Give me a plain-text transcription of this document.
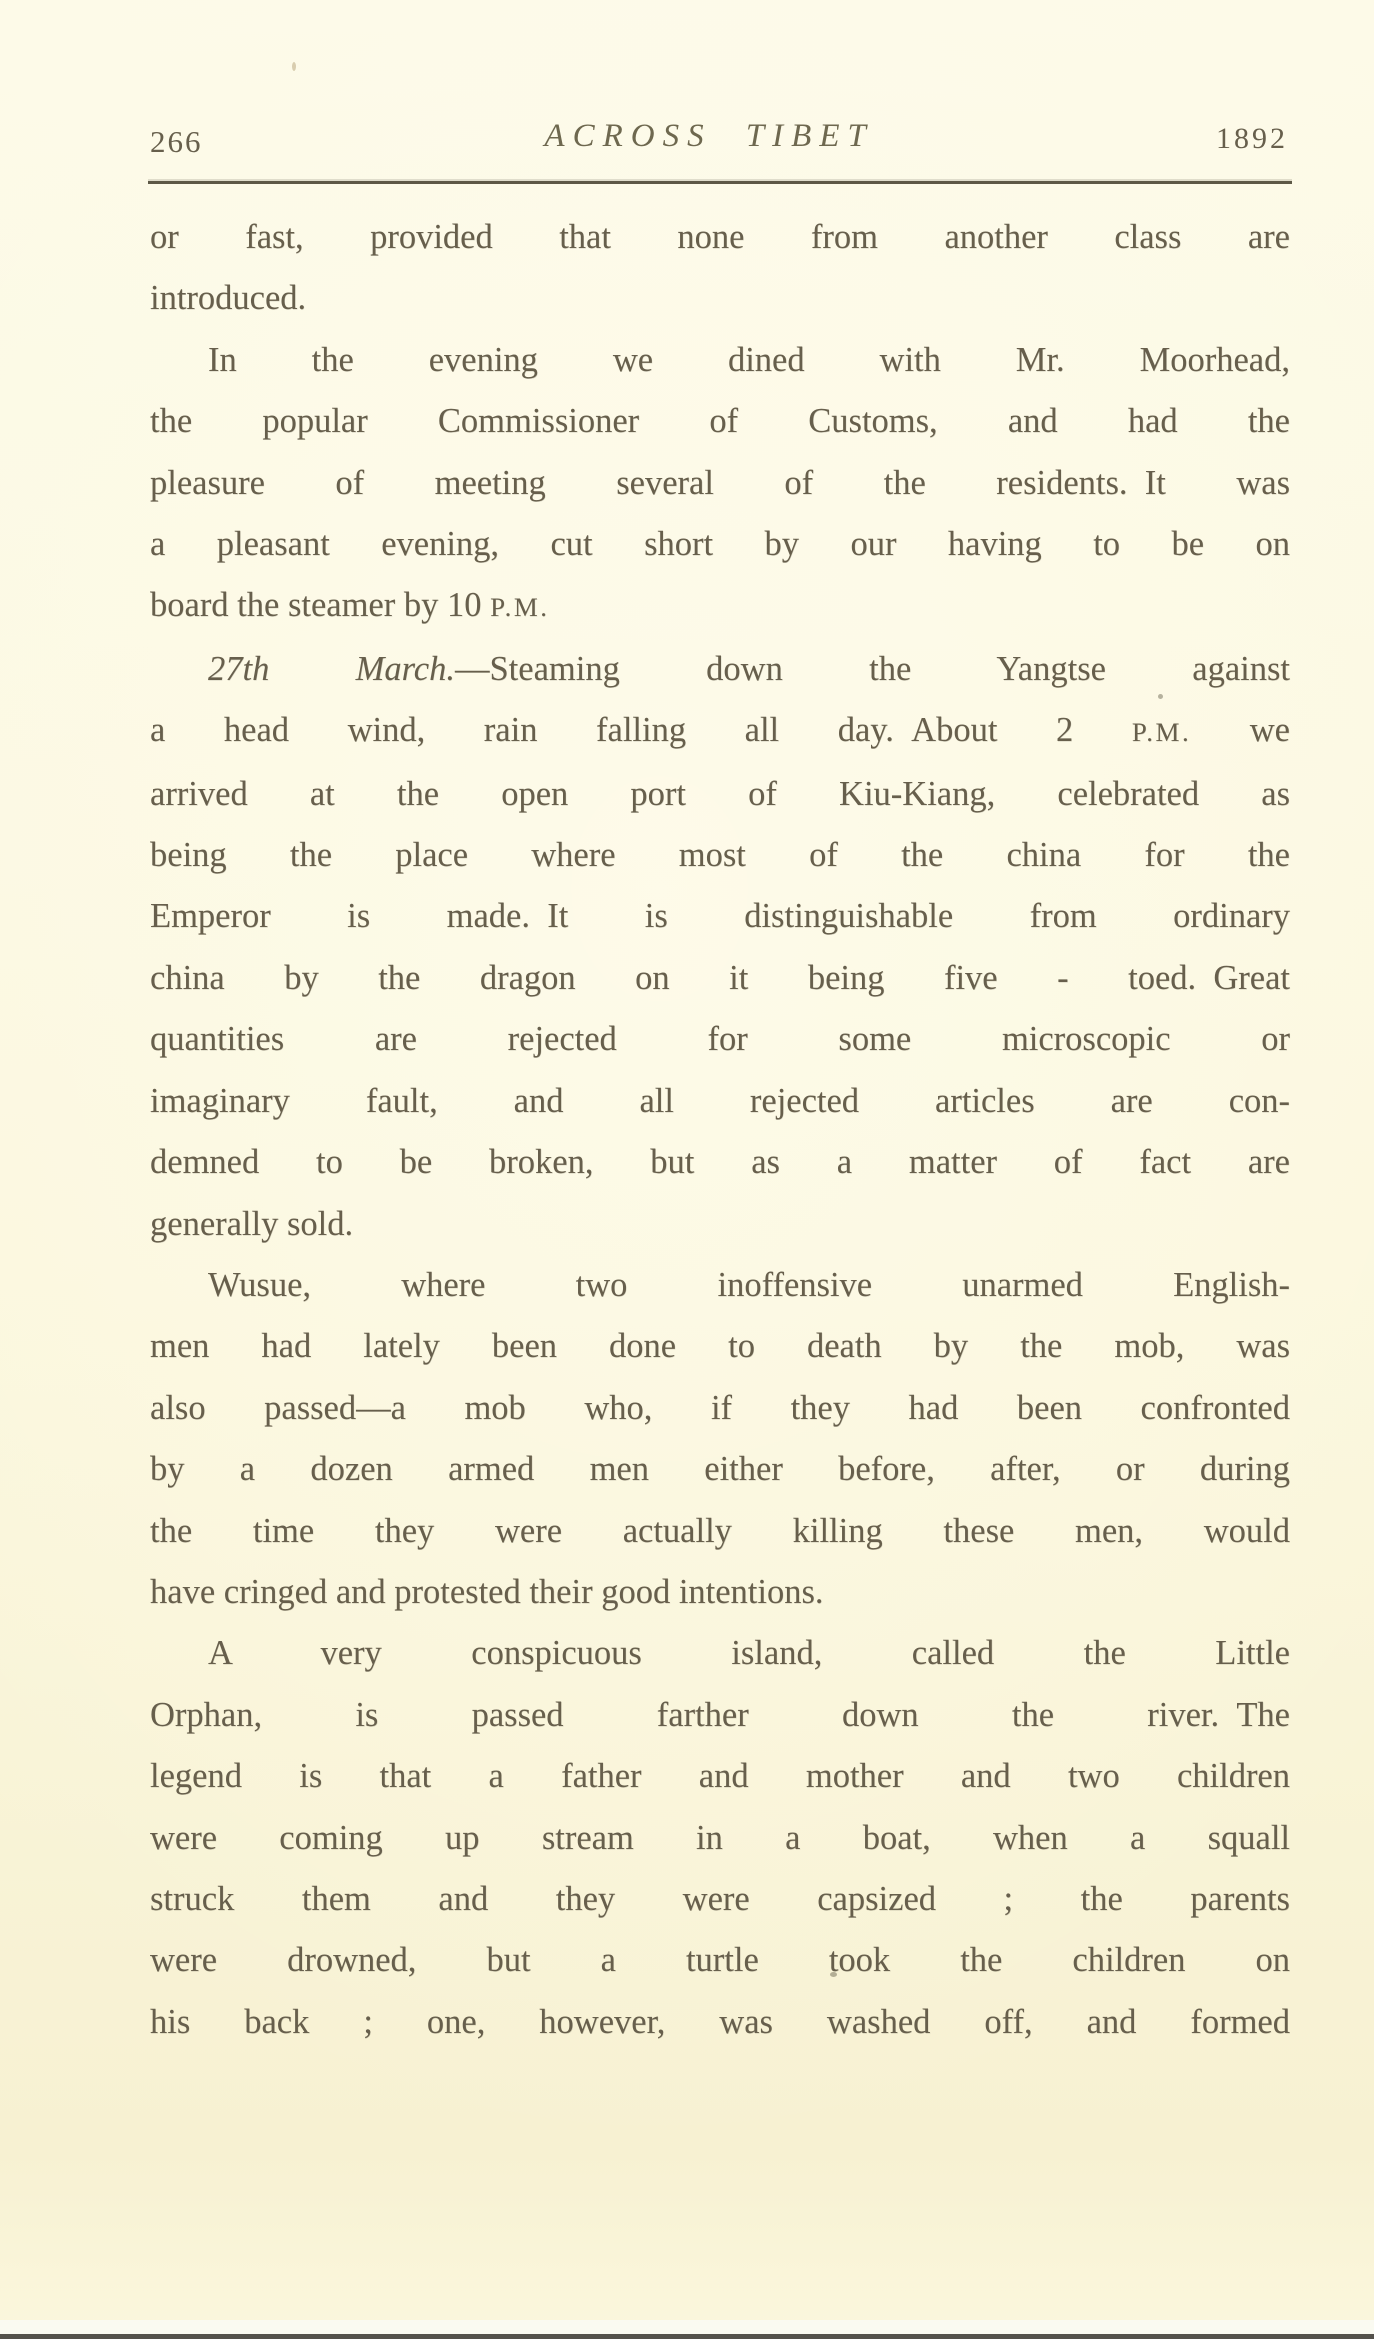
266	ACROSS TIBET	1892
or fast, provided that none from another class are
introduced.
In the evening we dined with Mr. Moorhead,
the popular Commissioner of Customs, and had the
pleasure of meeting several of the residents. It was
a pleasant evening, cut short by our having to be on
board the steamer by 10 P.M.
27th March.—Steaming down the Yangtse against
a head wind, rain falling all day. About 2 P.M. we
arrived at the open port of Kiu-Kiang, celebrated as
being the place where most of the china for the
Emperor is made. It is distinguishable from ordinary
china by the dragon on it being five - toed. Great
quantities are rejected for some microscopic or
imaginary fault, and all rejected articles are con-
demned to be broken, but as a matter of fact are
generally sold.
Wusue, where two inoffensive unarmed English-
men had lately been done to death by the mob, was
also passed—a mob who, if they had been confronted
by a dozen armed men either before, after, or during
the time they were actually killing these men, would
have cringed and protested their good intentions.
A very conspicuous island, called the Little
Orphan, is passed farther down the river. The
legend is that a father and mother and two children
were coming up stream in a boat, when a squall
struck them and they were capsized ; the parents
were drowned, but a turtle took the children on
his back ; one, however, was washed off, and formed
